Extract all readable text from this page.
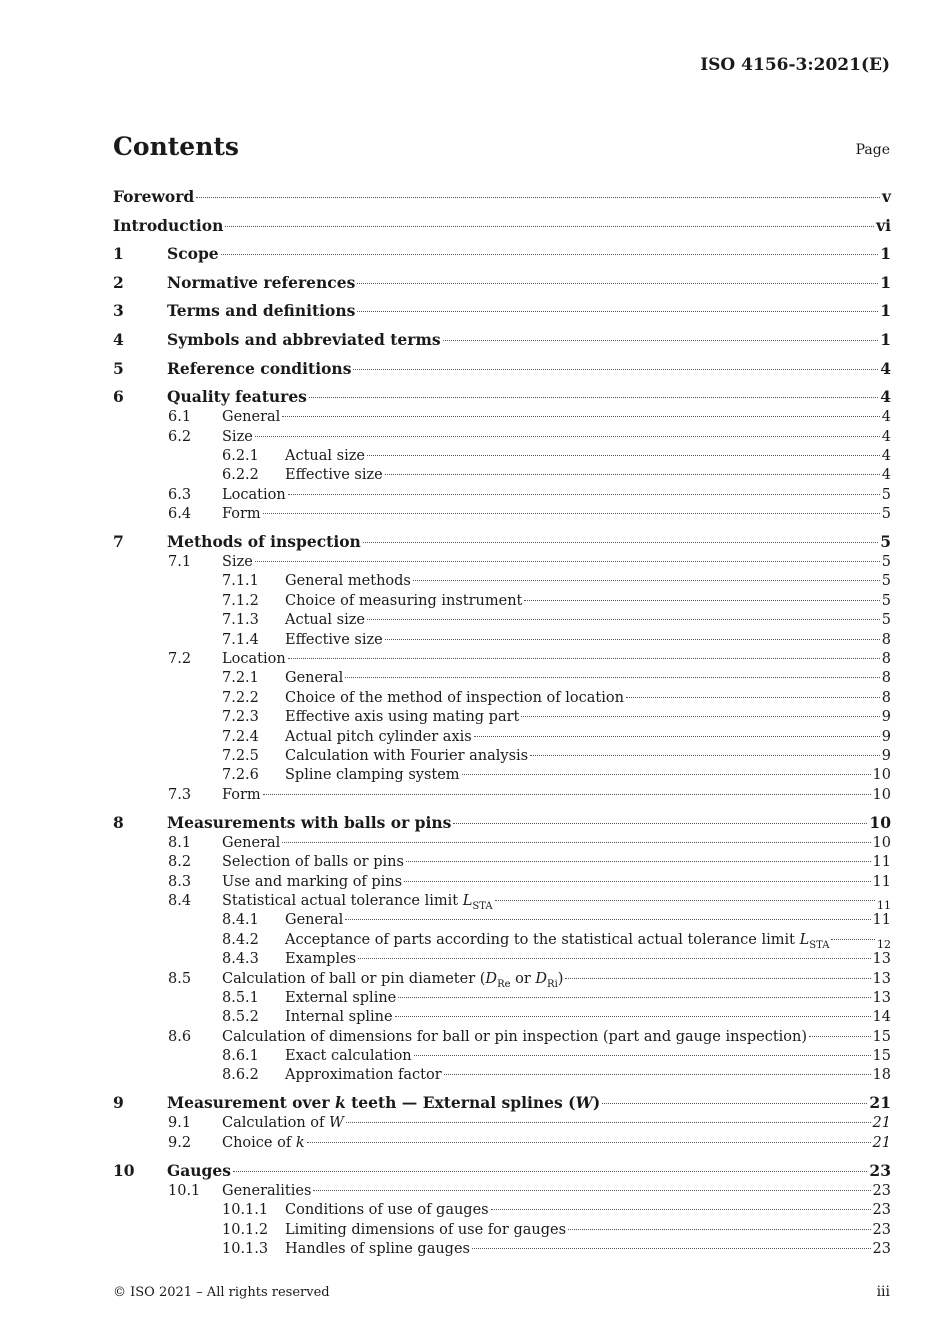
ISO 4156-3:2021(E)
Contents	Page
Foreword	v
Introduction	vi
1	Scope	1
2	Normative references	1
3	Terms and definitions	1
4	Symbols and abbreviated terms	1
5	Reference conditions	4
6	Quality features	4
6.1 General	4
6.2 Size	4
6.2.1 Actual size	4
6.2.2 Effective size	4
6.3 Location	5
6.4 Form	5
7	Methods of inspection	5
7.1 Size	5
7.1.1 General methods	5
7.1.2 Choice of measuring instrument	5
7.1.3 Actual size	5
7.1.4 Effective size	8
7.2 Location	8
7.2.1 General	8
7.2.2 Choice of the method of inspection of location	8
7.2.3 Effective axis using mating part	9
7.2.4 Actual pitch cylinder axis	9
7.2.5 Calculation with Fourier analysis	9
7.2.6 Spline clamping system	10
7.3 Form	10
8	Measurements with balls or pins	10
8.1 General	10
8.2 Selection of balls or pins	11
8.3 Use and marking of pins	11
8.4 Statistical actual tolerance limit $L_{STA}$	11
8.4.1 General	11
8.4.2 Acceptance of parts according to the statistical actual tolerance limit $L_{STA}$	12
8.4.3 Examples	13
8.5 Calculation of ball or pin diameter ($D_{Re}$ or $D_{Ri}$)	13
8.5.1 External spline	13
8.5.2 Internal spline	14
8.6 Calculation of dimensions for ball or pin inspection (part and gauge inspection)	15
8.6.1 Exact calculation	15
8.6.2 Approximation factor	18
9	Measurement over k teeth — External splines (W)	21
9.1 Calculation of W	21
9.2 Choice of k	21
10 Gauges	23
10.1 Generalities	23
10.1.1 Conditions of use of gauges	23
10.1.2 Limiting dimensions of use for gauges	23
10.1.3 Handles of spline gauges	23
© ISO 2021 – All rights reserved	iii
